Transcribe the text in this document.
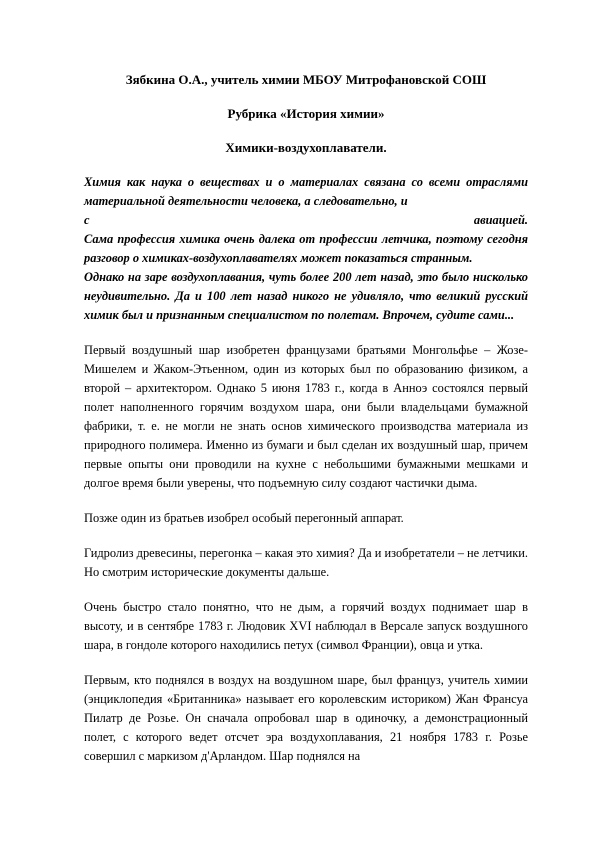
Зябкина О.А., учитель химии МБОУ Митрофановской СОШ

Рубрика «История химии»

Химики-воздухоплаватели.

Химия как наука о веществах и о материалах связана со всеми отраслями материальной деятельности человека, а следовательно, и

с	авиацией.

Сама профессия химика очень далека от профессии летчика, поэтому сегодня разговор о химиках-воздухоплавателях может показаться странным.

Однако на заре воздухоплавания, чуть более 200 лет назад, это было нисколько неудивительно. Да и 100 лет назад никого не удивляло, что великий русский химик был и признанным специалистом по полетам. Впрочем, судите сами...

Первый воздушный шар изобретен французами братьями Монгольфье – Жозе-Мишелем и Жаком-Этьенном, один из которых был по образованию физиком, а второй – архитектором. Однако 5 июня 1783 г., когда в Анноэ состоялся первый полет наполненного горячим воздухом шара, они были владельцами бумажной фабрики, т. е. не могли не знать основ химического производства материала из природного полимера. Именно из бумаги и был сделан их воздушный шар, причем первые опыты они проводили на кухне с небольшими бумажными мешками и долгое время были уверены, что подъемную силу создают частички дыма.

Позже один из братьев изобрел особый перегонный аппарат.

Гидролиз древесины, перегонка – какая это химия? Да и изобретатели – не летчики. Но смотрим исторические документы дальше.

Очень быстро стало понятно, что не дым, а горячий воздух поднимает шар в высоту, и в сентябре 1783 г. Людовик XVI наблюдал в Версале запуск воздушного шара, в гондоле которого находились петух (символ Франции), овца и утка.

Первым, кто поднялся в воздух на воздушном шаре, был француз, учитель химии (энциклопедия «Британника» называет его королевским историком) Жан Франсуа Пилатр де Розье. Он сначала опробовал шар в одиночку, а демонстрационный полет, с которого ведет отсчет эра воздухоплавания, 21 ноября 1783 г. Розье совершил с маркизом д'Арландом. Шар поднялся на
